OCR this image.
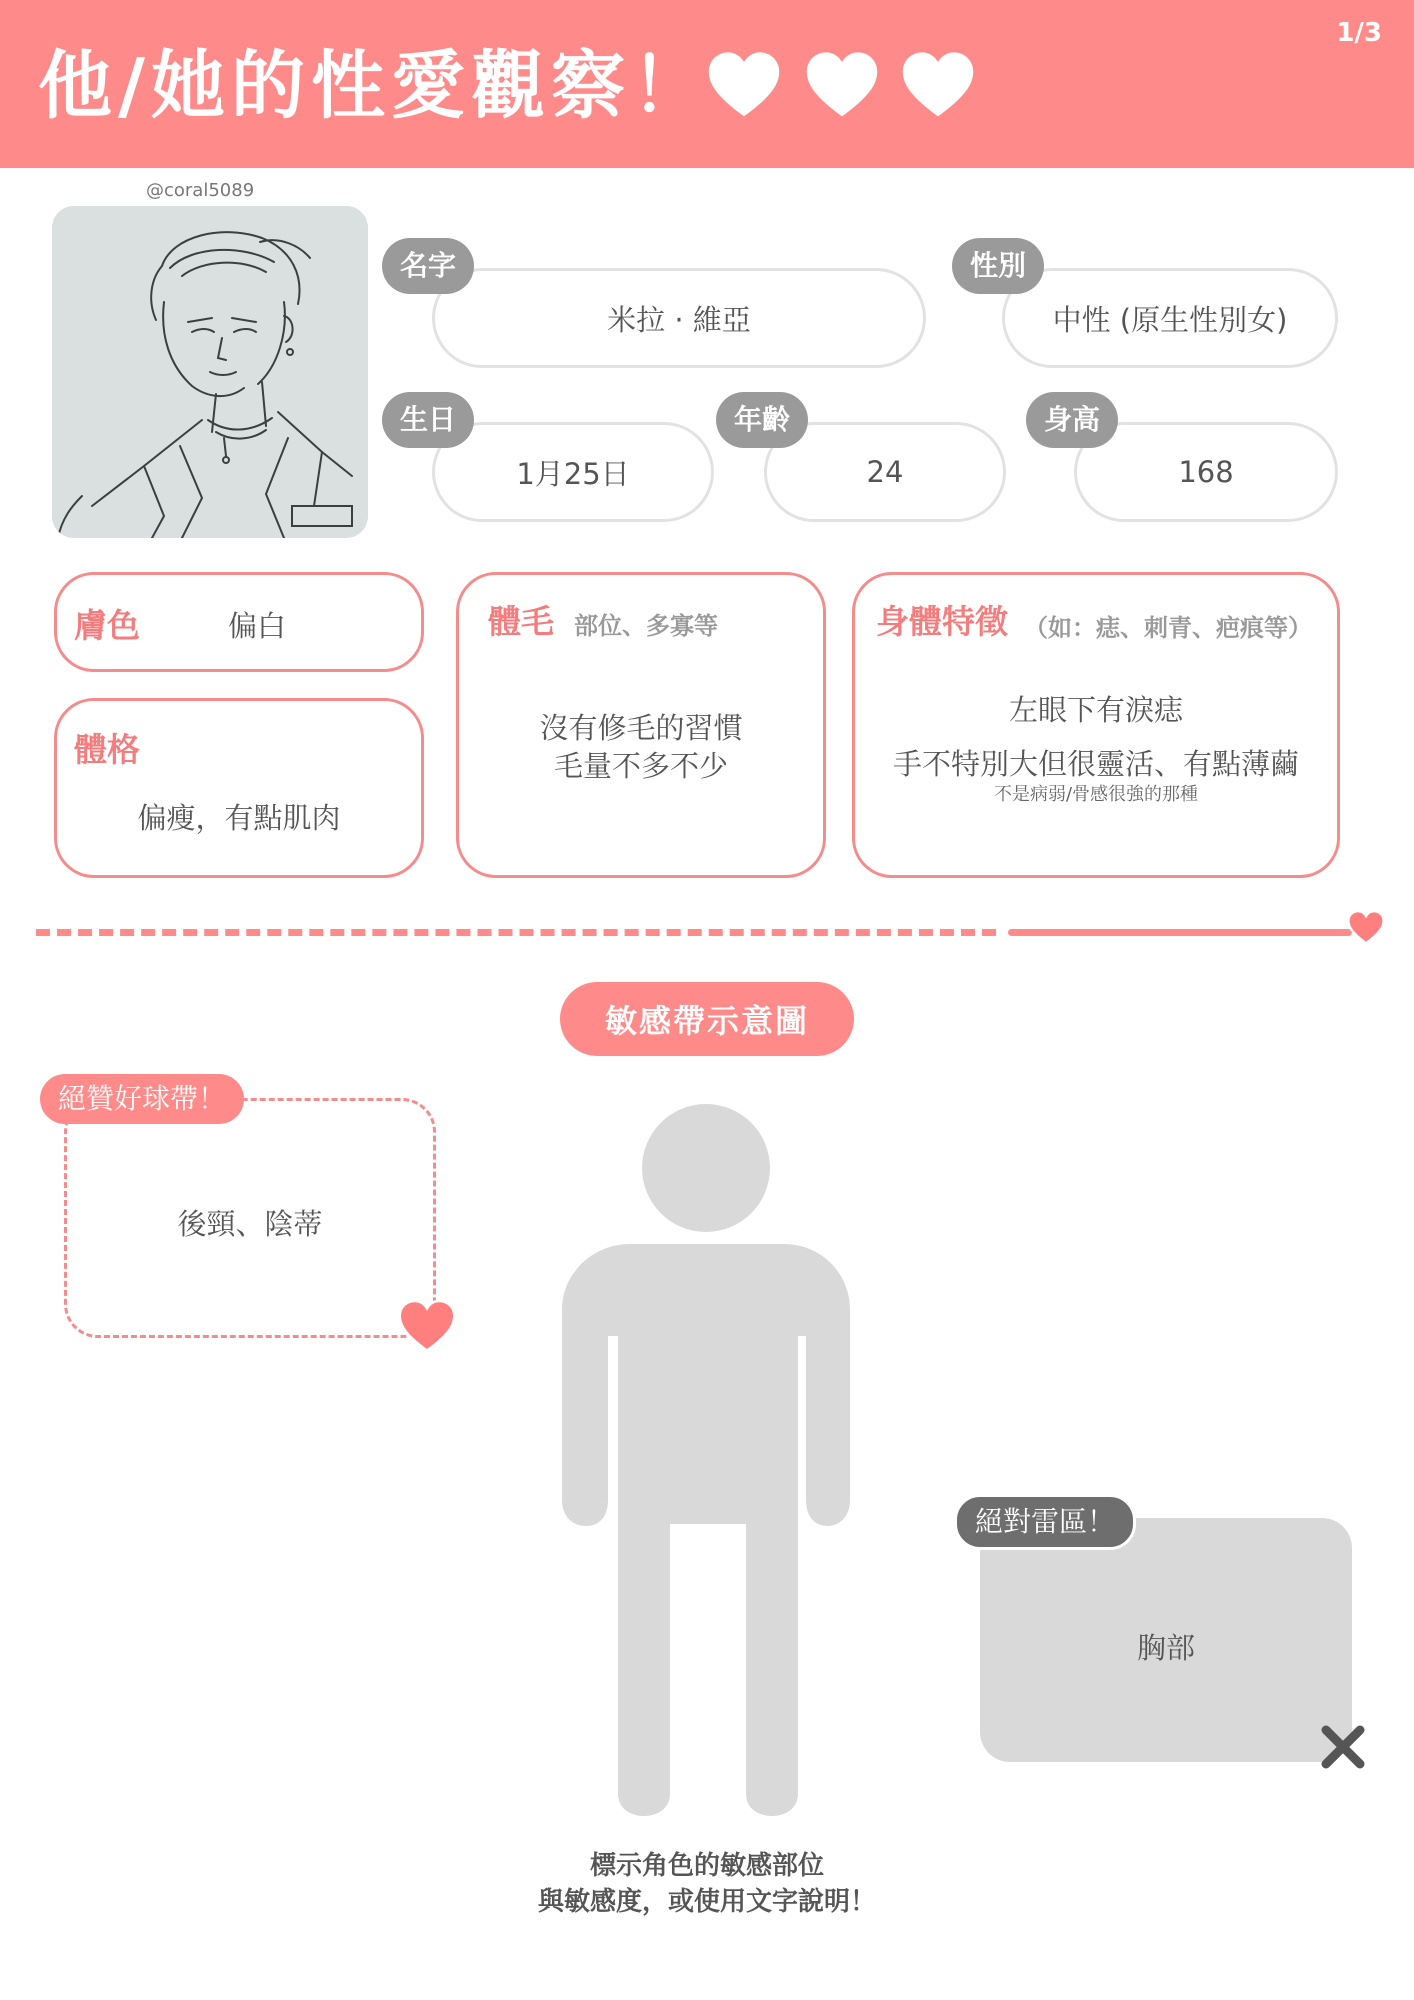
他/她的性愛觀察！
1/3
@coral5089
米拉 · 維亞
名字
中性 (原生性別女)
性別
1月25日
生日
24
年齡
168
身高
膚色	偏白
體格
偏瘦，有點肌肉
體毛 部位、多寡等
沒有修毛的習慣
毛量不多不少
身體特徵 （如：痣、刺青、疤痕等）
左眼下有淚痣
手不特別大但很靈活、有點薄繭
不是病弱/骨感很強的那種
敏感帶示意圖
絕贊好球帶！
後頸、陰蒂
絕對雷區！
胸部
標示角色的敏感部位
與敏感度，或使用文字說明！
